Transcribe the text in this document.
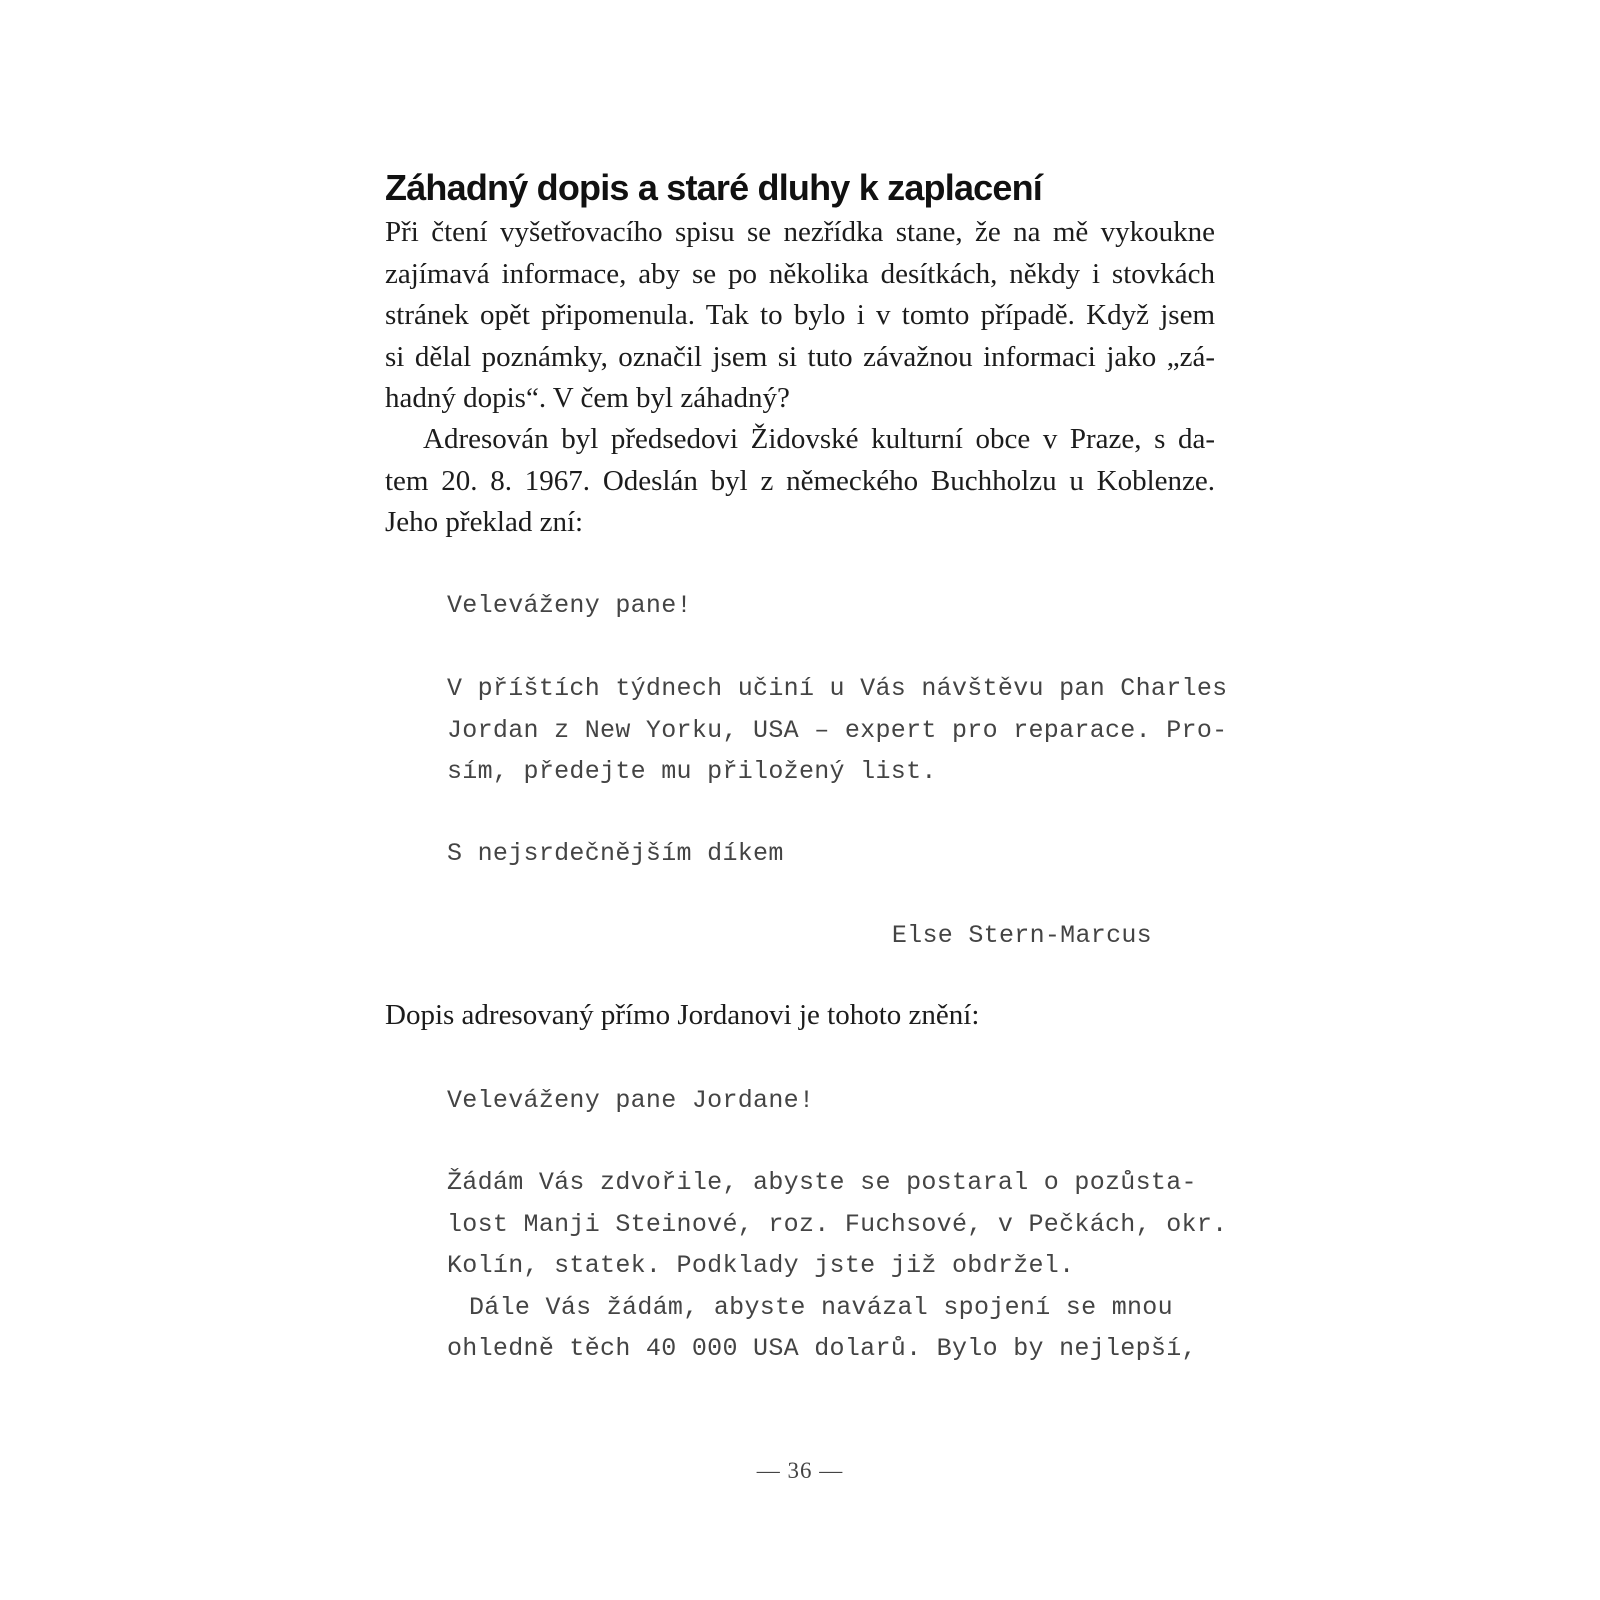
Záhadný dopis a staré dluhy k zaplacení
Při čtení vyšetřovacího spisu se nezřídka stane, že na mě vykoukne
zajímavá informace, aby se po několika desítkách, někdy i stovkách
stránek opět připomenula. Tak to bylo i v tomto případě. Když jsem
si dělal poznámky, označil jsem si tuto závažnou informaci jako „zá-
hadný dopis“. V čem byl záhadný?
Adresován byl předsedovi Židovské kulturní obce v Praze, s da-
tem 20. 8. 1967. Odeslán byl z německého Buchholzu u Koblenze.
Jeho překlad zní:
Veleváženy pane!
V příštích týdnech učiní u Vás návštěvu pan Charles
Jordan z New Yorku, USA – expert pro reparace. Pro-
sím, předejte mu přiložený list.
S nejsrdečnějším díkem
Else Stern-Marcus
Dopis adresovaný přímo Jordanovi je tohoto znění:
Veleváženy pane Jordane!
Žádám Vás zdvořile, abyste se postaral o pozůsta-
lost Manji Steinové, roz. Fuchsové, v Pečkách, okr.
Kolín, statek. Podklady jste již obdržel.
Dále Vás žádám, abyste navázal spojení se mnou
ohledně těch 40 000 USA dolarů. Bylo by nejlepší,
— 36 —
